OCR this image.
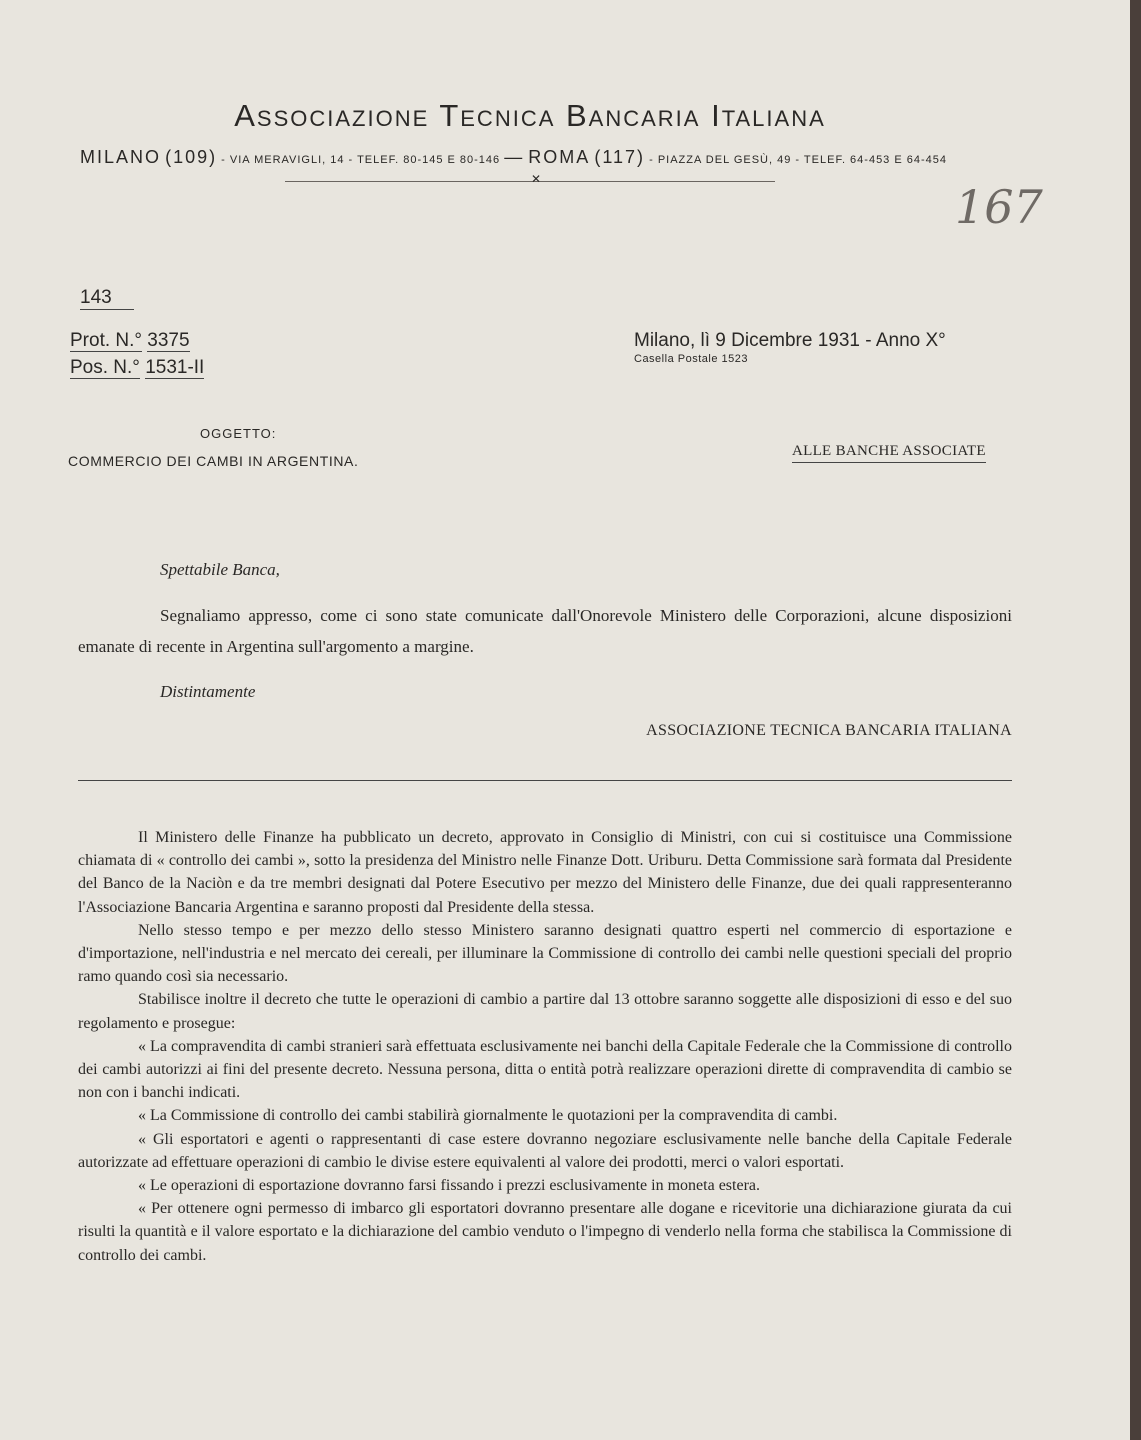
Associazione Tecnica Bancaria Italiana
MILANO (109) - VIA MERAVIGLI, 14 - TELEF. 80-145 E 80-146 — ROMA (117) - PIAZZA DEL GESÙ, 49 - TELEF. 64-453 E 64-454
✕
167
143
Prot. N.° 3375
Pos. N.° 1531-II
Milano, lì 9 Dicembre 1931 - Anno X°
Casella Postale 1523
OGGETTO:
COMMERCIO DEI CAMBI IN ARGENTINA.
ALLE BANCHE ASSOCIATE
Spettabile Banca,

Segnaliamo appresso, come ci sono state comunicate dall'Onorevole Ministero delle Corporazioni, alcune disposizioni emanate di recente in Argentina sull'argomento a margine.

Distintamente
ASSOCIAZIONE TECNICA BANCARIA ITALIANA

Il Ministero delle Finanze ha pubblicato un decreto, approvato in Consiglio di Ministri, con cui si costituisce una Commissione chiamata di « controllo dei cambi », sotto la presidenza del Ministro nelle Finanze Dott. Uriburu. Detta Commissione sarà formata dal Presidente del Banco de la Naciòn e da tre membri designati dal Potere Esecutivo per mezzo del Ministero delle Finanze, due dei quali rappresenteranno l'Associazione Bancaria Argentina e saranno proposti dal Presidente della stessa.

Nello stesso tempo e per mezzo dello stesso Ministero saranno designati quattro esperti nel commercio di esportazione e d'importazione, nell'industria e nel mercato dei cereali, per illuminare la Commissione di controllo dei cambi nelle questioni speciali del proprio ramo quando così sia necessario.

Stabilisce inoltre il decreto che tutte le operazioni di cambio a partire dal 13 ottobre saranno soggette alle disposizioni di esso e del suo regolamento e prosegue:

« La compravendita di cambi stranieri sarà effettuata esclusivamente nei banchi della Capitale Federale che la Commissione di controllo dei cambi autorizzi ai fini del presente decreto. Nessuna persona, ditta o entità potrà realizzare operazioni dirette di compravendita di cambio se non con i banchi indicati.

« La Commissione di controllo dei cambi stabilirà giornalmente le quotazioni per la compravendita di cambi.

« Gli esportatori e agenti o rappresentanti di case estere dovranno negoziare esclusivamente nelle banche della Capitale Federale autorizzate ad effettuare operazioni di cambio le divise estere equivalenti al valore dei prodotti, merci o valori esportati.

« Le operazioni di esportazione dovranno farsi fissando i prezzi esclusivamente in moneta estera.

« Per ottenere ogni permesso di imbarco gli esportatori dovranno presentare alle dogane e ricevitorie una dichiarazione giurata da cui risulti la quantità e il valore esportato e la dichiarazione del cambio venduto o l'impegno di venderlo nella forma che stabilisca la Commissione di controllo dei cambi.
